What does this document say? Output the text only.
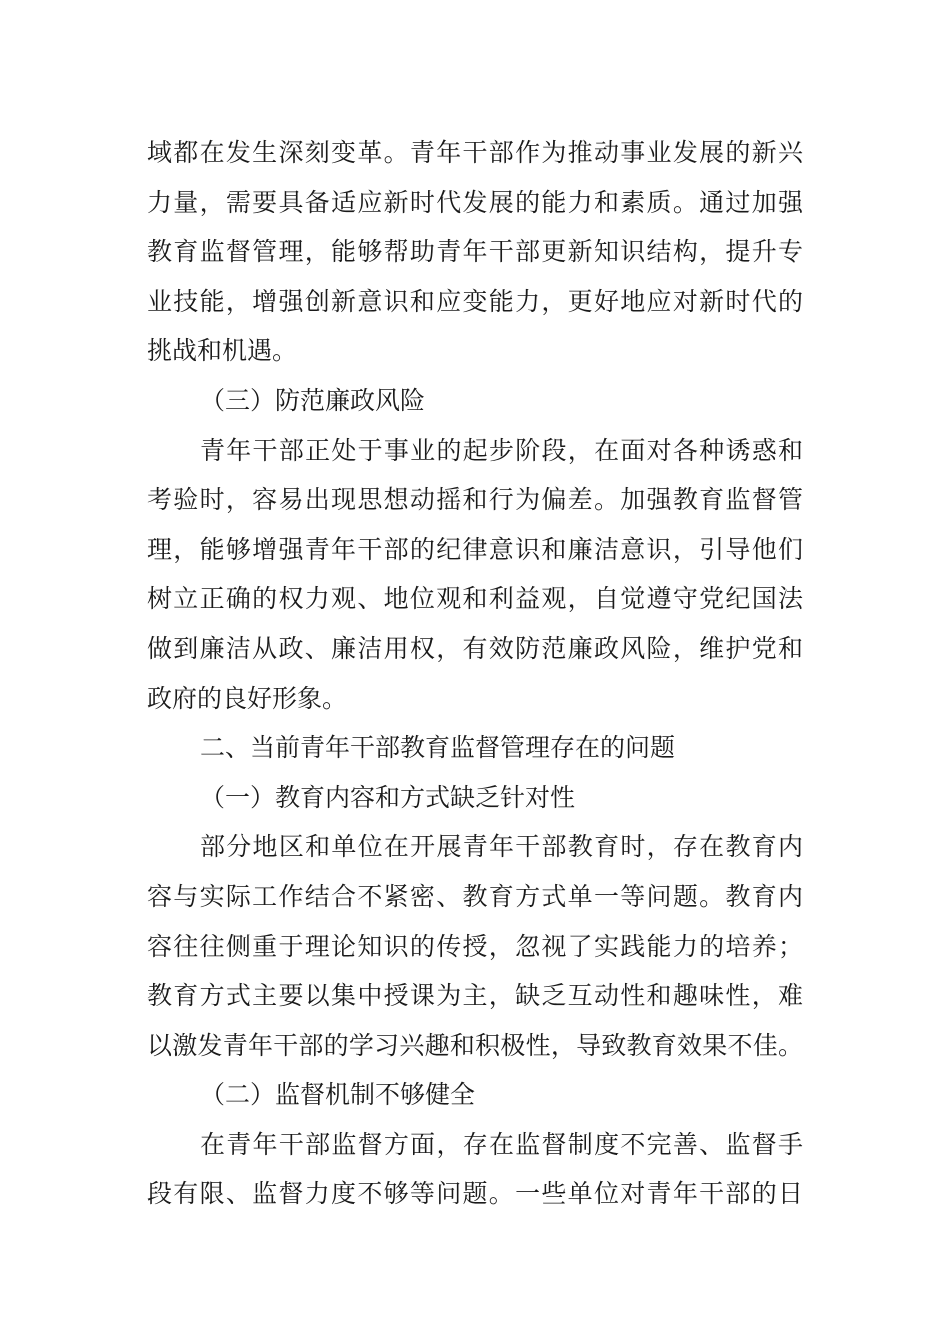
域都在发生深刻变革。青年干部作为推动事业发展的新兴
力量，需要具备适应新时代发展的能力和素质。通过加强
教育监督管理，能够帮助青年干部更新知识结构，提升专
业技能，增强创新意识和应变能力，更好地应对新时代的
挑战和机遇。
（三）防范廉政风险
青年干部正处于事业的起步阶段，在面对各种诱惑和
考验时，容易出现思想动摇和行为偏差。加强教育监督管
理，能够增强青年干部的纪律意识和廉洁意识，引导他们
树立正确的权力观、地位观和利益观，自觉遵守党纪国法
做到廉洁从政、廉洁用权，有效防范廉政风险，维护党和
政府的良好形象。
二、当前青年干部教育监督管理存在的问题
（一）教育内容和方式缺乏针对性
部分地区和单位在开展青年干部教育时，存在教育内
容与实际工作结合不紧密、教育方式单一等问题。教育内
容往往侧重于理论知识的传授，忽视了实践能力的培养；
教育方式主要以集中授课为主，缺乏互动性和趣味性，难
以激发青年干部的学习兴趣和积极性，导致教育效果不佳。
（二）监督机制不够健全
在青年干部监督方面，存在监督制度不完善、监督手
段有限、监督力度不够等问题。一些单位对青年干部的日
